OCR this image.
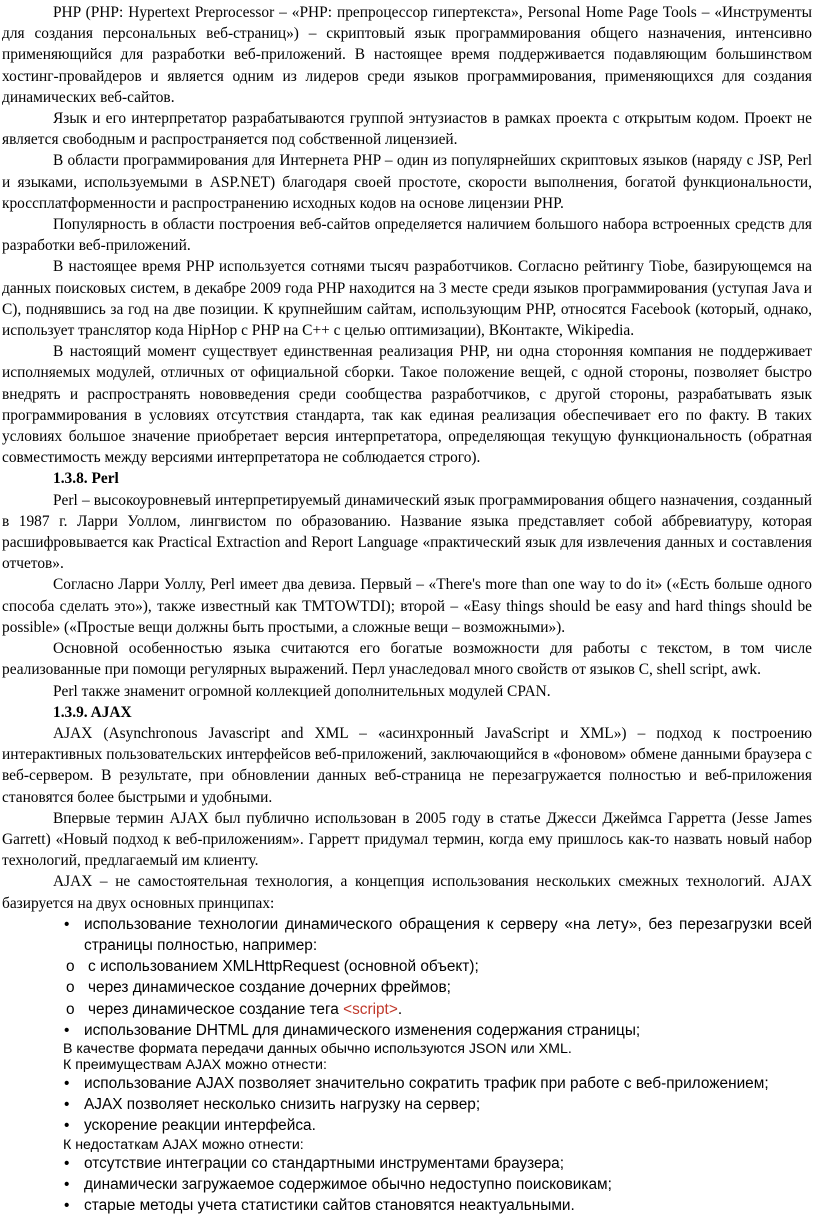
PHP (PHP: Hypertext Preprocessor – «PHP: препроцессор гипертекста», Personal Home Page Tools – «Инструменты для создания персональных веб-страниц») – скриптовый язык программирования общего назначения, интенсивно применяющийся для разработки веб-приложений. В настоящее время поддерживается подавляющим большинством хостинг-провайдеров и является одним из лидеров среди языков программирования, применяющихся для создания динамических веб-сайтов.

Язык и его интерпретатор разрабатываются группой энтузиастов в рамках проекта с открытым кодом. Проект не является свободным и распространяется под собственной лицензией.

В области программирования для Интернета PHP – один из популярнейших скриптовых языков (наряду с JSP, Perl и языками, используемыми в ASP.NET) благодаря своей простоте, скорости выполнения, богатой функциональности, кроссплатформенности и распространению исходных кодов на основе лицензии PHP.

Популярность в области построения веб-сайтов определяется наличием большого набора встроенных средств для разработки веб-приложений.

В настоящее время PHP используется сотнями тысяч разработчиков. Согласно рейтингу Tiobe, базирующемся на данных поисковых систем, в декабре 2009 года PHP находится на 3 месте среди языков программирования (уступая Java и C), поднявшись за год на две позиции. К крупнейшим сайтам, использующим PHP, относятся Facebook (который, однако, использует транслятор кода HipHop с PHP на C++ с целью оптимизации), ВКонтакте, Wikipedia.

В настоящий момент существует единственная реализация PHP, ни одна сторонняя компания не поддерживает исполняемых модулей, отличных от официальной сборки. Такое положение вещей, с одной стороны, позволяет быстро внедрять и распространять нововведения среди сообщества разработчиков, с другой стороны, разрабатывать язык программирования в условиях отсутствия стандарта, так как единая реализация обеспечивает его по факту. В таких условиях большое значение приобретает версия интерпретатора, определяющая текущую функциональность (обратная совместимость между версиями интерпретатора не соблюдается строго).

1.3.8. Perl

Perl – высокоуровневый интерпретируемый динамический язык программирования общего назначения, созданный в 1987 г. Ларри Уоллом, лингвистом по образованию. Название языка представляет собой аббревиатуру, которая расшифровывается как Practical Extraction and Report Language «практический язык для извлечения данных и составления отчетов».

Согласно Ларри Уоллу, Perl имеет два девиза. Первый – «There's more than one way to do it» («Есть больше одного способа сделать это»), также известный как TMTOWTDI); второй – «Easy things should be easy and hard things should be possible» («Простые вещи должны быть простыми, а сложные вещи – возможными»).

Основной особенностью языка считаются его богатые возможности для работы с текстом, в том числе реализованные при помощи регулярных выражений. Перл унаследовал много свойств от языков C, shell script, awk.

Perl также знаменит огромной коллекцией дополнительных модулей CPAN.

1.3.9. AJAX

AJAX (Asynchronous Javascript and XML – «асинхронный JavaScript и XML») – подход к построению интерактивных пользовательских интерфейсов веб-приложений, заключающийся в «фоновом» обмене данными браузера с веб-сервером. В результате, при обновлении данных веб-страница не перезагружается полностью и веб-приложения становятся более быстрыми и удобными.

Впервые термин AJAX был публично использован в 2005 году в статье Джесси Джеймса Гарретта (Jesse James Garrett) «Новый подход к веб-приложениям». Гарретт придумал термин, когда ему пришлось как-то назвать новый набор технологий, предлагаемый им клиенту.

AJAX – не самостоятельная технология, а концепция использования нескольких смежных технологий. AJAX базируется на двух основных принципах:

• использование технологии динамического обращения к серверу «на лету», без перезагрузки всей страницы полностью, например:
o с использованием XMLHttpRequest (основной объект);
o через динамическое создание дочерних фреймов;
o через динамическое создание тега <script>.
• использование DHTML для динамического изменения содержания страницы;
В качестве формата передачи данных обычно используются JSON или XML.
К преимуществам AJAX можно отнести:
• использование AJAX позволяет значительно сократить трафик при работе с веб-приложением;
• AJAX позволяет несколько снизить нагрузку на сервер;
• ускорение реакции интерфейса.
К недостаткам AJAX можно отнести:
• отсутствие интеграции со стандартными инструментами браузера;
• динамически загружаемое содержимое обычно недоступно поисковикам;
• старые методы учета статистики сайтов становятся неактуальными.
